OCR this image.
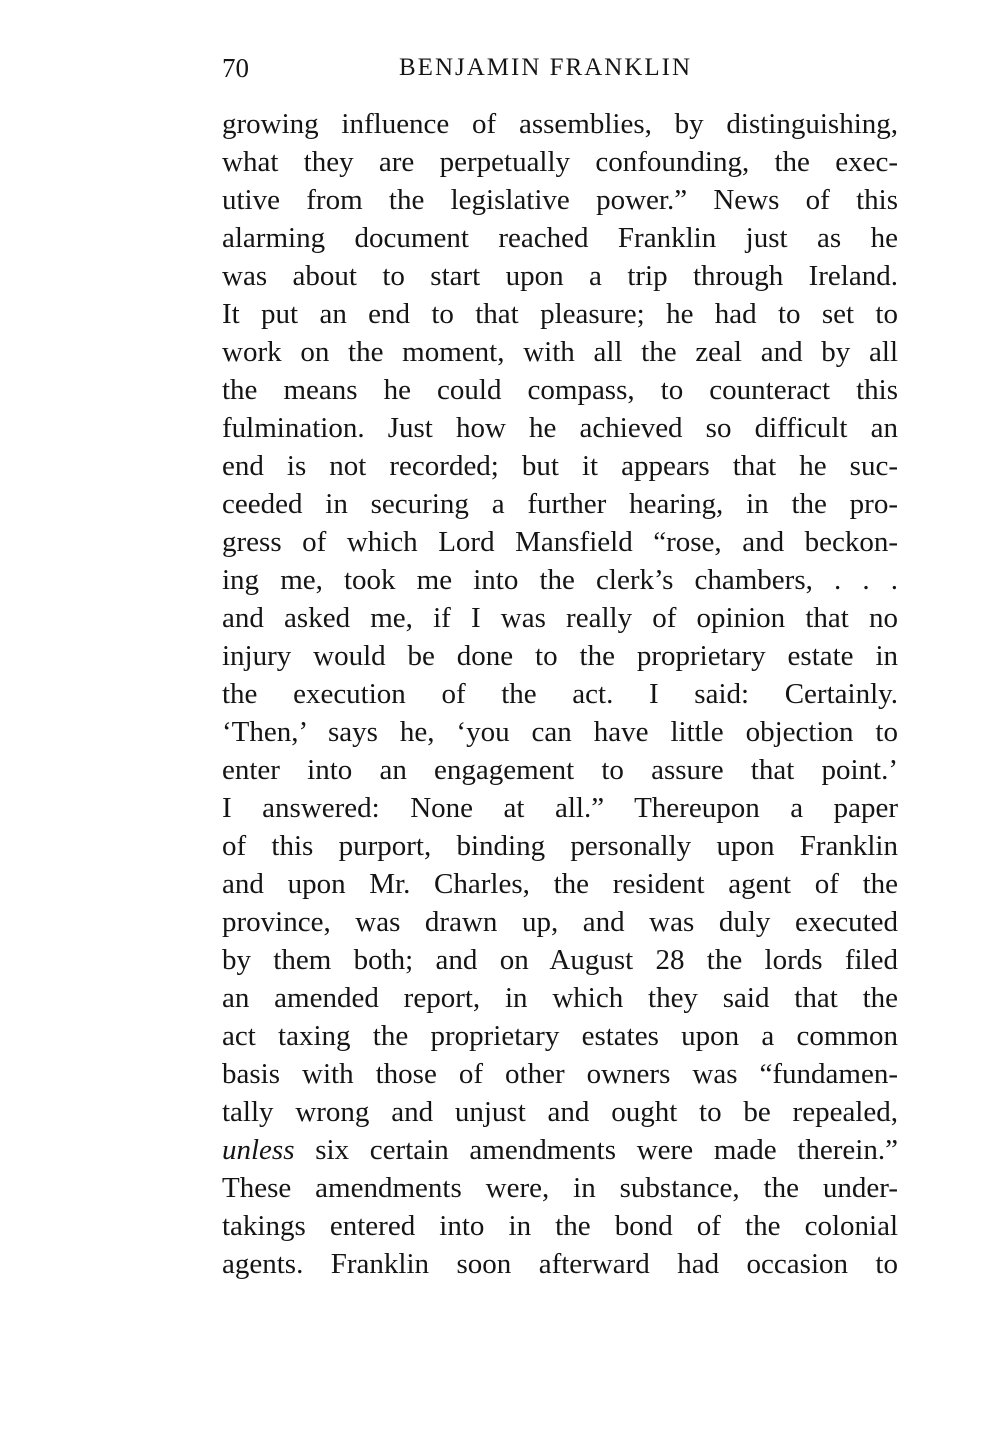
70	BENJAMIN FRANKLIN
growing influence of assemblies, by distinguishing,
what they are perpetually confounding, the exec-
utive from the legislative power.” News of this
alarming document reached Franklin just as he
was about to start upon a trip through Ireland.
It put an end to that pleasure; he had to set to
work on the moment, with all the zeal and by all
the means he could compass, to counteract this
fulmination. Just how he achieved so difficult an
end is not recorded; but it appears that he suc-
ceeded in securing a further hearing, in the pro-
gress of which Lord Mansfield “rose, and beckon-
ing me, took me into the clerk’s chambers, . . .
and asked me, if I was really of opinion that no
injury would be done to the proprietary estate in
the execution of the act. I said: Certainly.
‘Then,’ says he, ‘you can have little objection to
enter into an engagement to assure that point.’
I answered: None at all.” Thereupon a paper
of this purport, binding personally upon Franklin
and upon Mr. Charles, the resident agent of the
province, was drawn up, and was duly executed
by them both; and on August 28 the lords filed
an amended report, in which they said that the
act taxing the proprietary estates upon a common
basis with those of other owners was “fundamen-
tally wrong and unjust and ought to be repealed,
unless six certain amendments were made therein.”
These amendments were, in substance, the under-
takings entered into in the bond of the colonial
agents. Franklin soon afterward had occasion to
